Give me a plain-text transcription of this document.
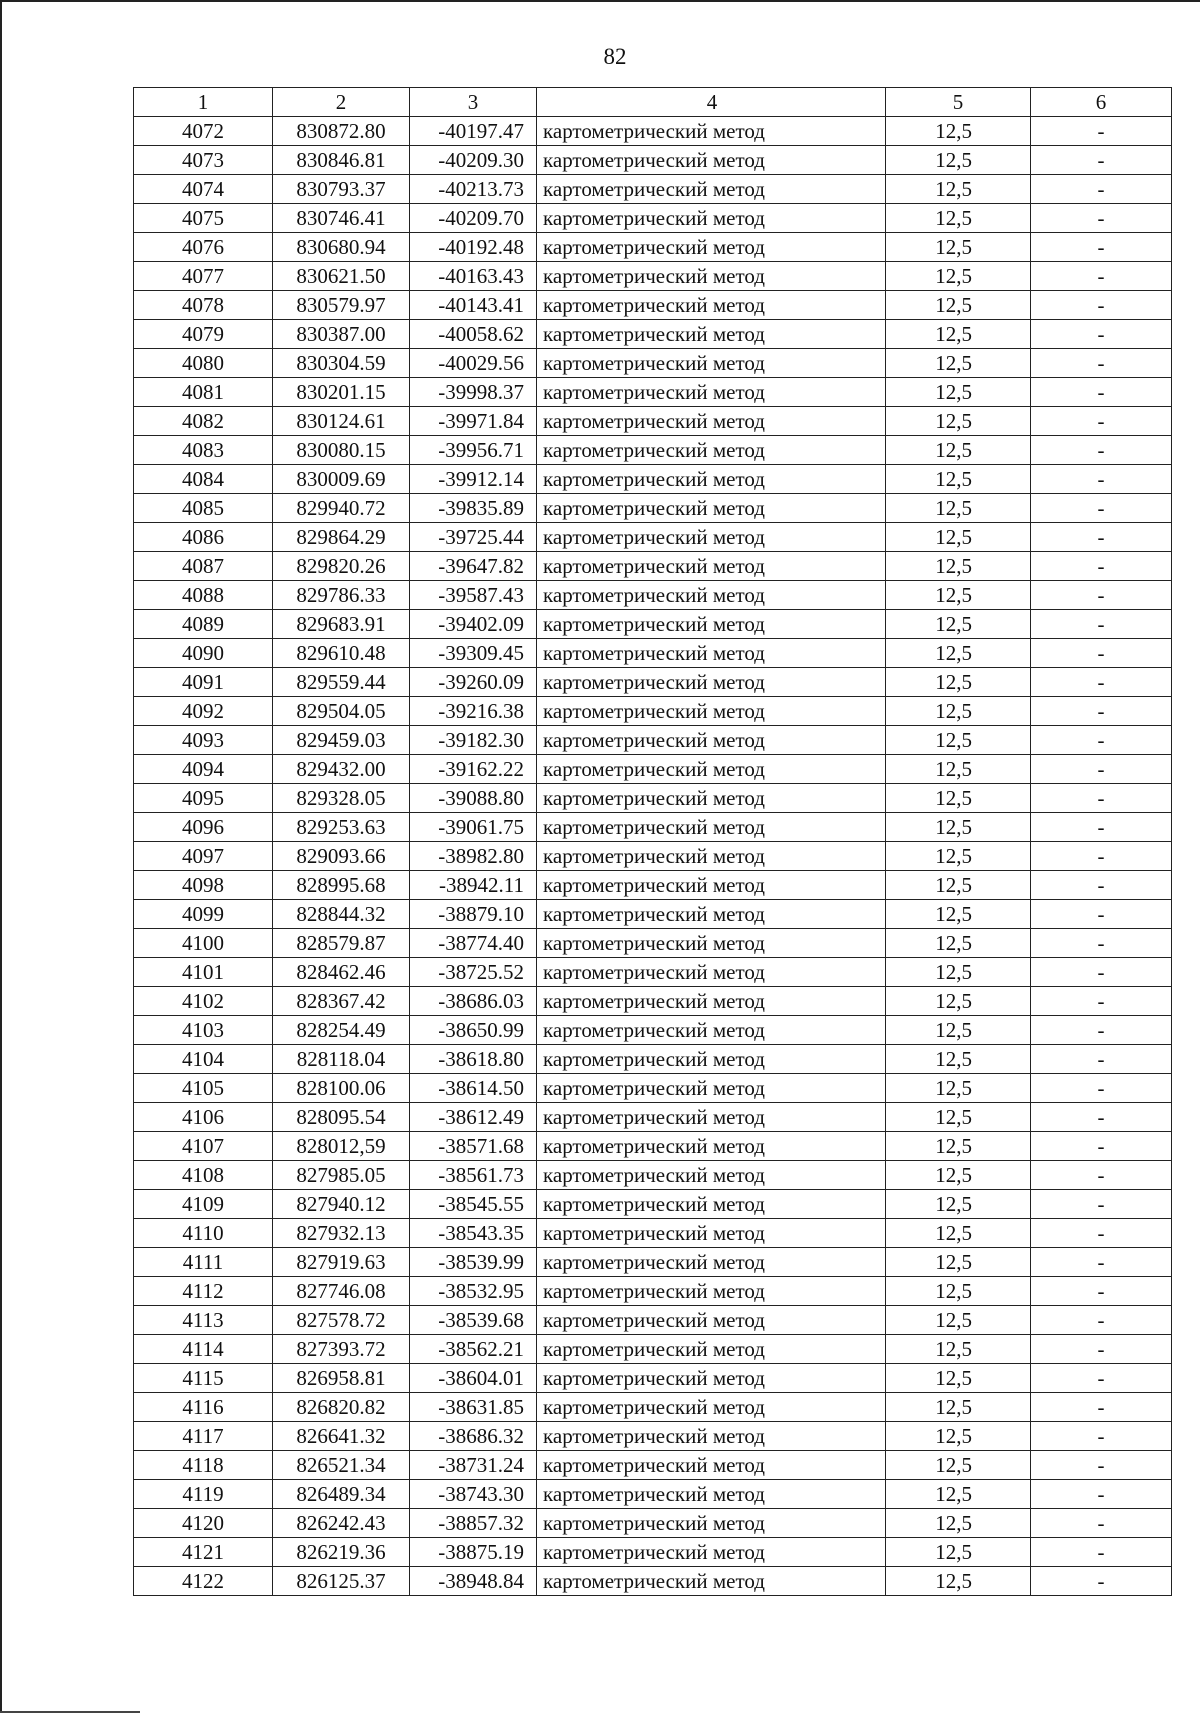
82
1	2	3	4	5	6
4072	830872.80	-40197.47	картометрический метод	12,5	-
4073	830846.81	-40209.30	картометрический метод	12,5	-
4074	830793.37	-40213.73	картометрический метод	12,5	-
4075	830746.41	-40209.70	картометрический метод	12,5	-
4076	830680.94	-40192.48	картометрический метод	12,5	-
4077	830621.50	-40163.43	картометрический метод	12,5	-
4078	830579.97	-40143.41	картометрический метод	12,5	-
4079	830387.00	-40058.62	картометрический метод	12,5	-
4080	830304.59	-40029.56	картометрический метод	12,5	-
4081	830201.15	-39998.37	картометрический метод	12,5	-
4082	830124.61	-39971.84	картометрический метод	12,5	-
4083	830080.15	-39956.71	картометрический метод	12,5	-
4084	830009.69	-39912.14	картометрический метод	12,5	-
4085	829940.72	-39835.89	картометрический метод	12,5	-
4086	829864.29	-39725.44	картометрический метод	12,5	-
4087	829820.26	-39647.82	картометрический метод	12,5	-
4088	829786.33	-39587.43	картометрический метод	12,5	-
4089	829683.91	-39402.09	картометрический метод	12,5	-
4090	829610.48	-39309.45	картометрический метод	12,5	-
4091	829559.44	-39260.09	картометрический метод	12,5	-
4092	829504.05	-39216.38	картометрический метод	12,5	-
4093	829459.03	-39182.30	картометрический метод	12,5	-
4094	829432.00	-39162.22	картометрический метод	12,5	-
4095	829328.05	-39088.80	картометрический метод	12,5	-
4096	829253.63	-39061.75	картометрический метод	12,5	-
4097	829093.66	-38982.80	картометрический метод	12,5	-
4098	828995.68	-38942.11	картометрический метод	12,5	-
4099	828844.32	-38879.10	картометрический метод	12,5	-
4100	828579.87	-38774.40	картометрический метод	12,5	-
4101	828462.46	-38725.52	картометрический метод	12,5	-
4102	828367.42	-38686.03	картометрический метод	12,5	-
4103	828254.49	-38650.99	картометрический метод	12,5	-
4104	828118.04	-38618.80	картометрический метод	12,5	-
4105	828100.06	-38614.50	картометрический метод	12,5	-
4106	828095.54	-38612.49	картометрический метод	12,5	-
4107	828012,59	-38571.68	картометрический метод	12,5	-
4108	827985.05	-38561.73	картометрический метод	12,5	-
4109	827940.12	-38545.55	картометрический метод	12,5	-
4110	827932.13	-38543.35	картометрический метод	12,5	-
4111	827919.63	-38539.99	картометрический метод	12,5	-
4112	827746.08	-38532.95	картометрический метод	12,5	-
4113	827578.72	-38539.68	картометрический метод	12,5	-
4114	827393.72	-38562.21	картометрический метод	12,5	-
4115	826958.81	-38604.01	картометрический метод	12,5	-
4116	826820.82	-38631.85	картометрический метод	12,5	-
4117	826641.32	-38686.32	картометрический метод	12,5	-
4118	826521.34	-38731.24	картометрический метод	12,5	-
4119	826489.34	-38743.30	картометрический метод	12,5	-
4120	826242.43	-38857.32	картометрический метод	12,5	-
4121	826219.36	-38875.19	картометрический метод	12,5	-
4122	826125.37	-38948.84	картометрический метод	12,5	-
